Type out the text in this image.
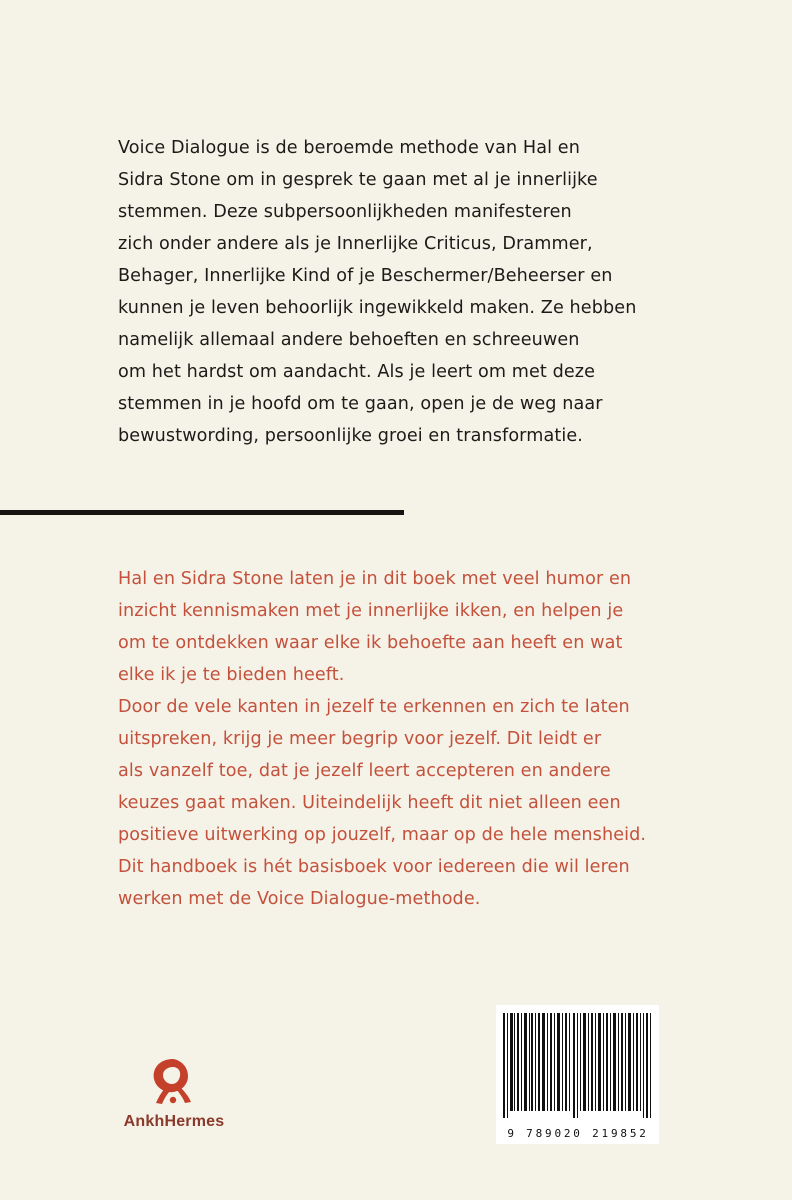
Voice Dialogue is de beroemde methode van Hal en
Sidra Stone om in gesprek te gaan met al je innerlijke
stemmen. Deze subpersoonlijkheden manifesteren
zich onder andere als je Innerlijke Criticus, Drammer,
Behager, Innerlijke Kind of je Beschermer/Beheerser en
kunnen je leven behoorlijk ingewikkeld maken. Ze hebben
namelijk allemaal andere behoeften en schreeuwen
om het hardst om aandacht. Als je leert om met deze
stemmen in je hoofd om te gaan, open je de weg naar
bewustwording, persoonlijke groei en transformatie.
Hal en Sidra Stone laten je in dit boek met veel humor en
inzicht kennismaken met je innerlijke ikken, en helpen je
om te ontdekken waar elke ik behoefte aan heeft en wat
elke ik je te bieden heeft.
Door de vele kanten in jezelf te erkennen en zich te laten
uitspreken, krijg je meer begrip voor jezelf. Dit leidt er
als vanzelf toe, dat je jezelf leert accepteren en andere
keuzes gaat maken. Uiteindelijk heeft dit niet alleen een
positieve uitwerking op jouzelf, maar op de hele mensheid.
Dit handboek is hét basisboek voor iedereen die wil leren
werken met de Voice Dialogue-methode.
AnkhHermes
9 789020 219852
